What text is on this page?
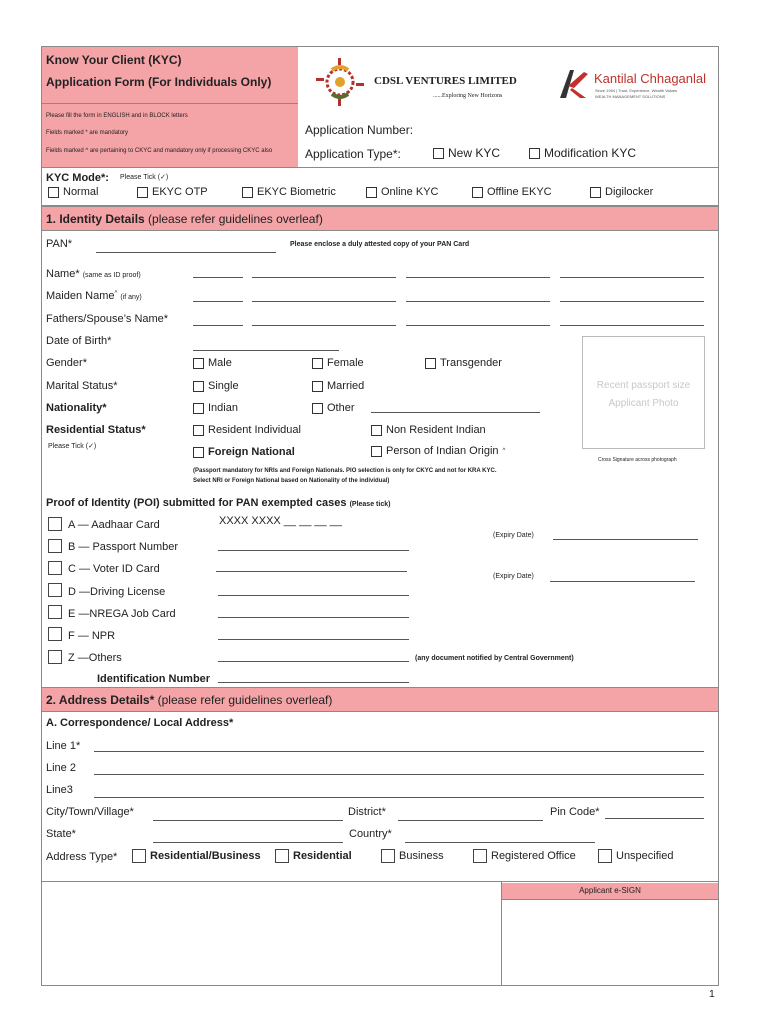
Know Your Client (KYC)
Application Form (For Individuals Only)
Please fill the form in ENGLISH and in BLOCK letters
Fields marked * are mandatory
Fields marked ^ are pertaining to CKYC and mandatory only if processing CKYC also
CDSL VENTURES LIMITED
......Exploring New Horizons
Kantilal Chhaganlal
Since 1954 | Trust, Experience, Wealth Values
WEALTH MANAGEMENT SOLUTIONS
Application Number:
Application Type*:	New KYC	Modification KYC
KYC Mode*: Please Tick (✓)
Normal	EKYC OTP	EKYC Biometric	Online KYC	Offline EKYC	Digilocker
1. Identity Details (please refer guidelines overleaf)
PAN*	Please enclose a duly attested copy of your PAN Card
Name* (same as ID proof)
Maiden Name^ (if any)
Fathers/Spouse’s Name*
Date of Birth*
Gender*	Male	Female	Transgender
Marital Status*	Single	Married
Nationality*	Indian	Other
Residential Status*
Please Tick (✓)
Resident Individual	Non Resident Indian
Foreign National	Person of Indian Origin ^
(Passport mandatory for NRIs and Foreign Nationals. PIO selection is only for CKYC and not for KRA KYC.
Select NRI or Foreign National based on Nationality of the individual)
Recent passport size
Applicant Photo
Cross Signature across photograph
Proof of Identity (POI) submitted for PAN exempted cases (Please tick)
A — Aadhaar Card	XXXX XXXX __ __ __ __
(Expiry Date)
B — Passport Number
C — Voter ID Card
(Expiry Date)
D —Driving License
E —NREGA Job Card
F — NPR
Z —Others	(any document notified by Central Government)
Identification Number
2. Address Details* (please refer guidelines overleaf)
A. Correspondence/ Local Address*
Line 1*
Line 2
Line3
City/Town/Village*	District*	Pin Code*
State*	Country*
Address Type*	Residential/Business	Residential	Business	Registered Office	Unspecified
Applicant e-SIGN
1
